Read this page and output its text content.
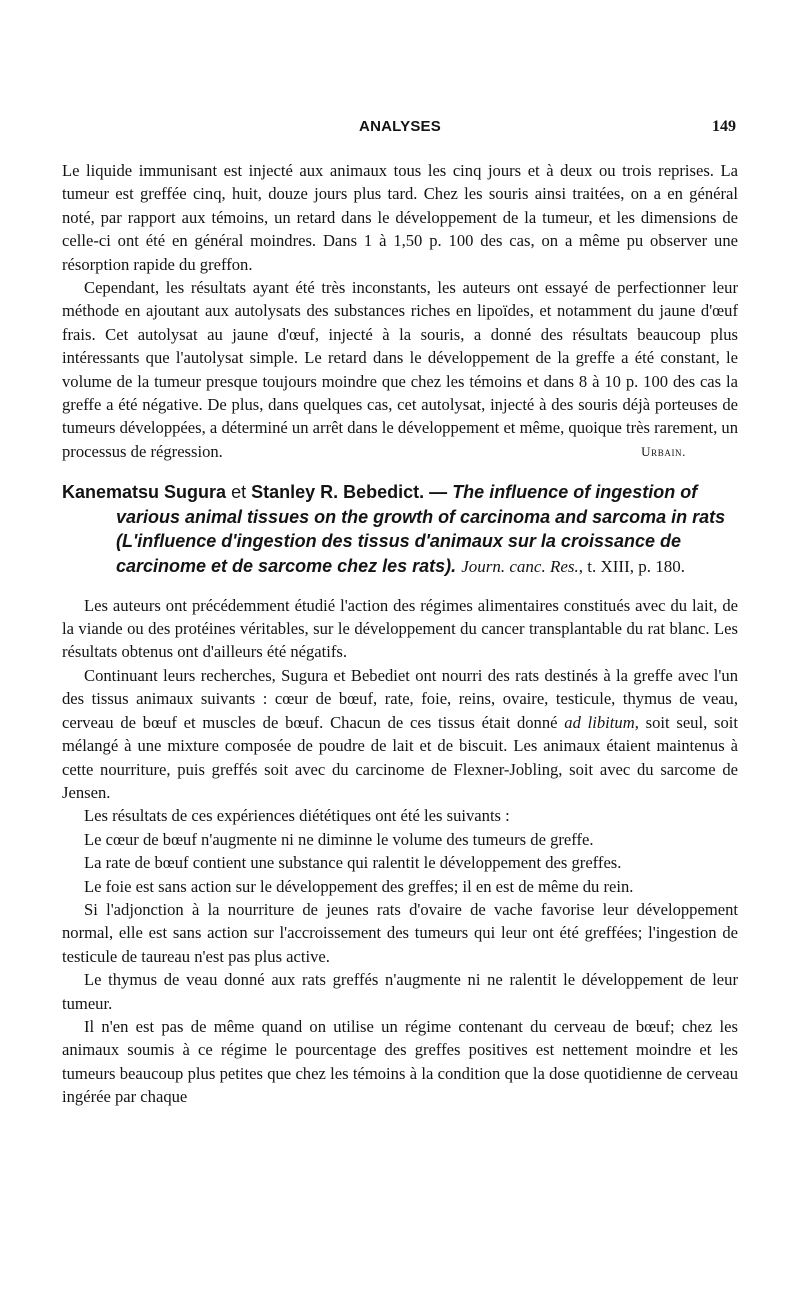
ANALYSES	149

Le liquide immunisant est injecté aux animaux tous les cinq jours et à deux ou trois reprises. La tumeur est greffée cinq, huit, douze jours plus tard. Chez les souris ainsi traitées, on a en général noté, par rapport aux témoins, un retard dans le développement de la tumeur, et les dimensions de celle-ci ont été en général moindres. Dans 1 à 1,50 p. 100 des cas, on a même pu observer une résorption rapide du greffon.

Cependant, les résultats ayant été très inconstants, les auteurs ont essayé de perfectionner leur méthode en ajoutant aux autolysats des substances riches en lipoïdes, et notamment du jaune d'œuf frais. Cet autolysat au jaune d'œuf, injecté à la souris, a donné des résultats beaucoup plus intéressants que l'autolysat simple. Le retard dans le développement de la greffe a été constant, le volume de la tumeur presque toujours moindre que chez les témoins et dans 8 à 10 p. 100 des cas la greffe a été négative. De plus, dans quelques cas, cet autolysat, injecté à des souris déjà porteuses de tumeurs développées, a déterminé un arrêt dans le développement et même, quoique très rarement, un processus de régression.	Urbain.
Kanematsu Sugura et Stanley R. Bebedict. — The influence of ingestion of various animal tissues on the growth of carcinoma and sarcoma in rats (L'influence d'ingestion des tissus d'animaux sur la croissance de carcinome et de sarcome chez les rats). Journ. canc. Res., t. XIII, p. 180.

Les auteurs ont précédemment étudié l'action des régimes alimentaires constitués avec du lait, de la viande ou des protéines véritables, sur le développement du cancer transplantable du rat blanc. Les résultats obtenus ont d'ailleurs été négatifs.

Continuant leurs recherches, Sugura et Bebediet ont nourri des rats destinés à la greffe avec l'un des tissus animaux suivants : cœur de bœuf, rate, foie, reins, ovaire, testicule, thymus de veau, cerveau de bœuf et muscles de bœuf. Chacun de ces tissus était donné ad libitum, soit seul, soit mélangé à une mixture composée de poudre de lait et de biscuit. Les animaux étaient maintenus à cette nourriture, puis greffés soit avec du carcinome de Flexner-Jobling, soit avec du sarcome de Jensen.

Les résultats de ces expériences diététiques ont été les suivants :

Le cœur de bœuf n'augmente ni ne diminne le volume des tumeurs de greffe.

La rate de bœuf contient une substance qui ralentit le développement des greffes.

Le foie est sans action sur le développement des greffes; il en est de même du rein.

Si l'adjonction à la nourriture de jeunes rats d'ovaire de vache favorise leur développement normal, elle est sans action sur l'accroissement des tumeurs qui leur ont été greffées; l'ingestion de testicule de taureau n'est pas plus active.

Le thymus de veau donné aux rats greffés n'augmente ni ne ralentit le développement de leur tumeur.

Il n'en est pas de même quand on utilise un régime contenant du cerveau de bœuf; chez les animaux soumis à ce régime le pourcentage des greffes positives est nettement moindre et les tumeurs beaucoup plus petites que chez les témoins à la condition que la dose quotidienne de cerveau ingérée par chaque
